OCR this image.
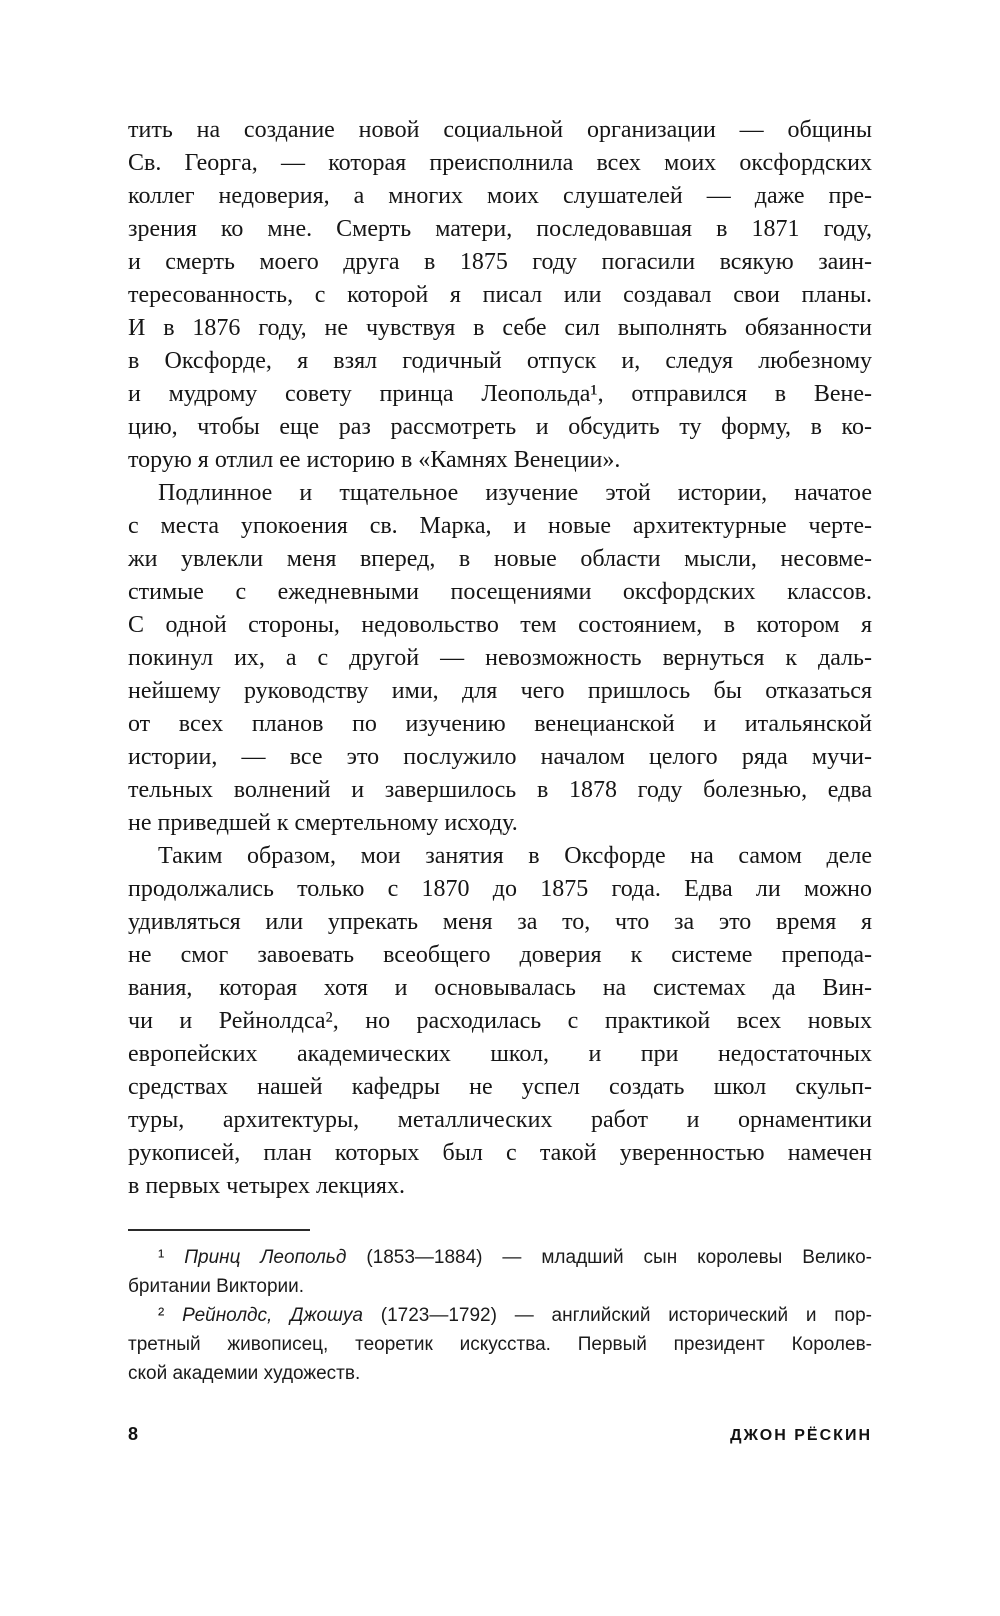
тить на создание новой социальной организации — общины
Св. Георга, — которая преисполнила всех моих оксфордских
коллег недоверия, а многих моих слушателей — даже пре-
зрения ко мне. Смерть матери, последовавшая в 1871 году,
и смерть моего друга в 1875 году погасили всякую заин-
тересованность, с которой я писал или создавал свои планы.
И в 1876 году, не чувствуя в себе сил выполнять обязанности
в Оксфорде, я взял годичный отпуск и, следуя любезному
и мудрому совету принца Леопольда¹, отправился в Вене-
цию, чтобы еще раз рассмотреть и обсудить ту форму, в ко-
торую я отлил ее историю в «Камнях Венеции».
Подлинное и тщательное изучение этой истории, начатое
с места упокоения св. Марка, и новые архитектурные черте-
жи увлекли меня вперед, в новые области мысли, несовме-
стимые с ежедневными посещениями оксфордских классов.
С одной стороны, недовольство тем состоянием, в котором я
покинул их, а с другой — невозможность вернуться к даль-
нейшему руководству ими, для чего пришлось бы отказаться
от всех планов по изучению венецианской и итальянской
истории, — все это послужило началом целого ряда мучи-
тельных волнений и завершилось в 1878 году болезнью, едва
не приведшей к смертельному исходу.
Таким образом, мои занятия в Оксфорде на самом деле
продолжались только с 1870 до 1875 года. Едва ли можно
удивляться или упрекать меня за то, что за это время я
не смог завоевать всеобщего доверия к системе препода-
вания, которая хотя и основывалась на системах да Вин-
чи и Рейнолдса², но расходилась с практикой всех новых
европейских академических школ, и при недостаточных
средствах нашей кафедры не успел создать школ скульп-
туры, архитектуры, металлических работ и орнаментики
рукописей, план которых был с такой уверенностью намечен
в первых четырех лекциях.
¹ Принц Леопольд (1853—1884) — младший сын королевы Велико-
британии Виктории.
² Рейнолдс, Джошуа (1723—1792) — английский исторический и пор-
третный живописец, теоретик искусства. Первый президент Королев-
ской академии художеств.
8	ДЖОН РЁСКИН
